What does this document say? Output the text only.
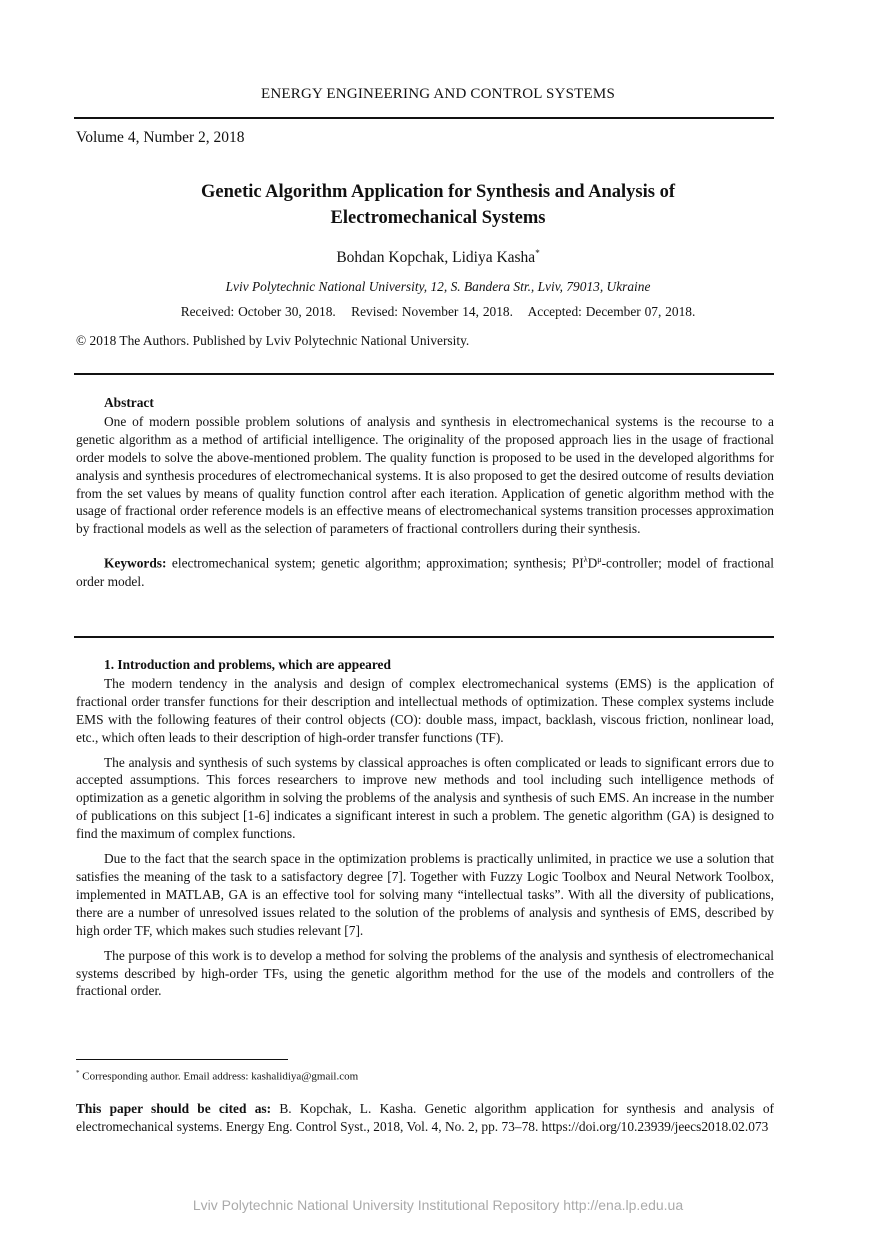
ENERGY ENGINEERING AND CONTROL SYSTEMS
Volume 4, Number 2, 2018
Genetic Algorithm Application for Synthesis and Analysis of
Electromechanical Systems
Bohdan Kopchak, Lidiya Kasha*
Lviv Polytechnic National University, 12, S. Bandera Str., Lviv, 79013, Ukraine
Received: October 30, 2018. Revised: November 14, 2018. Accepted: December 07, 2018.
© 2018 The Authors. Published by Lviv Polytechnic National University.

Abstract

One of modern possible problem solutions of analysis and synthesis in electromechanical systems is the recourse to a genetic algorithm as a method of artificial intelligence. The originality of the proposed approach lies in the usage of fractional order models to solve the above-mentioned problem. The quality function is proposed to be used in the developed algorithms for analysis and synthesis procedures of electromechanical systems. It is also proposed to get the desired outcome of results deviation from the set values by means of quality function control after each iteration. Application of genetic algorithm method with the usage of fractional order reference models is an effective means of electromechanical systems transition processes approximation by fractional models as well as the selection of parameters of fractional controllers during their synthesis.

Keywords: electromechanical system; genetic algorithm; approximation; synthesis; $PI^\lambda D^\mu$-controller; model of fractional order model.

1. Introduction and problems, which are appeared

The modern tendency in the analysis and design of complex electromechanical systems (EMS) is the application of fractional order transfer functions for their description and intellectual methods of optimization. These complex systems include EMS with the following features of their control objects (CO): double mass, impact, backlash, viscous friction, nonlinear load, etc., which often leads to their description of high-order transfer functions (TF).

The analysis and synthesis of such systems by classical approaches is often complicated or leads to significant errors due to accepted assumptions. This forces researchers to improve new methods and tool including such intelligence methods of optimization as a genetic algorithm in solving the problems of the analysis and synthesis of such EMS. An increase in the number of publications on this subject [1-6] indicates a significant interest in such a problem. The genetic algorithm (GA) is designed to find the maximum of complex functions.

Due to the fact that the search space in the optimization problems is practically unlimited, in practice we use a solution that satisfies the meaning of the task to a satisfactory degree [7]. Together with Fuzzy Logic Toolbox and Neural Network Toolbox, implemented in MATLAB, GA is an effective tool for solving many “intellectual tasks”. With all the diversity of publications, there are a number of unresolved issues related to the solution of the problems of analysis and synthesis of EMS, described by high order TF, which makes such studies relevant [7].

The purpose of this work is to develop a method for solving the problems of the analysis and synthesis of electromechanical systems described by high-order TFs, using the genetic algorithm method for the use of the models and controllers of the fractional order.

* Corresponding author. Email address: kashalidiya@gmail.com
This paper should be cited as: B. Kopchak, L. Kasha. Genetic algorithm application for synthesis and analysis of electromechanical systems. Energy Eng. Control Syst., 2018, Vol. 4, No. 2, pp. 73–78. https://doi.org/10.23939/jeecs2018.02.073
Lviv Polytechnic National University Institutional Repository http://ena.lp.edu.ua
